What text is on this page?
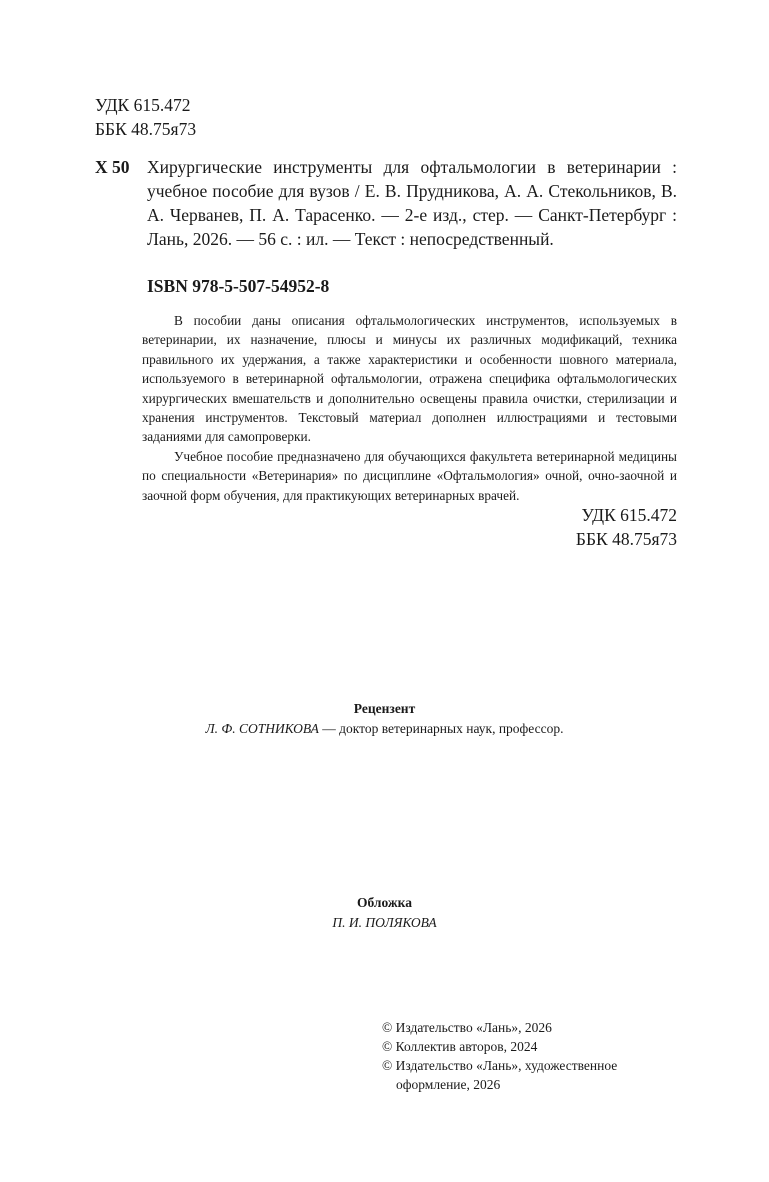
УДК 615.472
ББК 48.75я73
Х 50 Хирургические инструменты для офтальмологии в ветеринарии : учебное пособие для вузов / Е. В. Прудникова, А. А. Стекольников, В. А. Черванев, П. А. Тарасенко. — 2-е изд., стер. — Санкт-Петербург : Лань, 2026. — 56 с. : ил. — Текст : непосредственный.
ISBN 978-5-507-54952-8

В пособии даны описания офтальмологических инструментов, используемых в ветеринарии, их назначение, плюсы и минусы их различных модификаций, техника правильного их удержания, а также характеристики и особенности шовного материала, используемого в ветеринарной офтальмологии, отражена специфика офтальмологических хирургических вмешательств и дополнительно освещены правила очистки, стерилизации и хранения инструментов. Текстовый материал дополнен иллюстрациями и тестовыми заданиями для самопроверки.

Учебное пособие предназначено для обучающихся факультета ветеринарной медицины по специальности «Ветеринария» по дисциплине «Офтальмология» очной, очно-заочной и заочной форм обучения, для практикующих ветеринарных врачей.

УДК 615.472
ББК 48.75я73
Рецензент
Л. Ф. СОТНИКОВА — доктор ветеринарных наук, профессор.
Обложка
П. И. ПОЛЯКОВА
© Издательство «Лань», 2026
© Коллектив авторов, 2024
© Издательство «Лань», художественное
оформление, 2026
